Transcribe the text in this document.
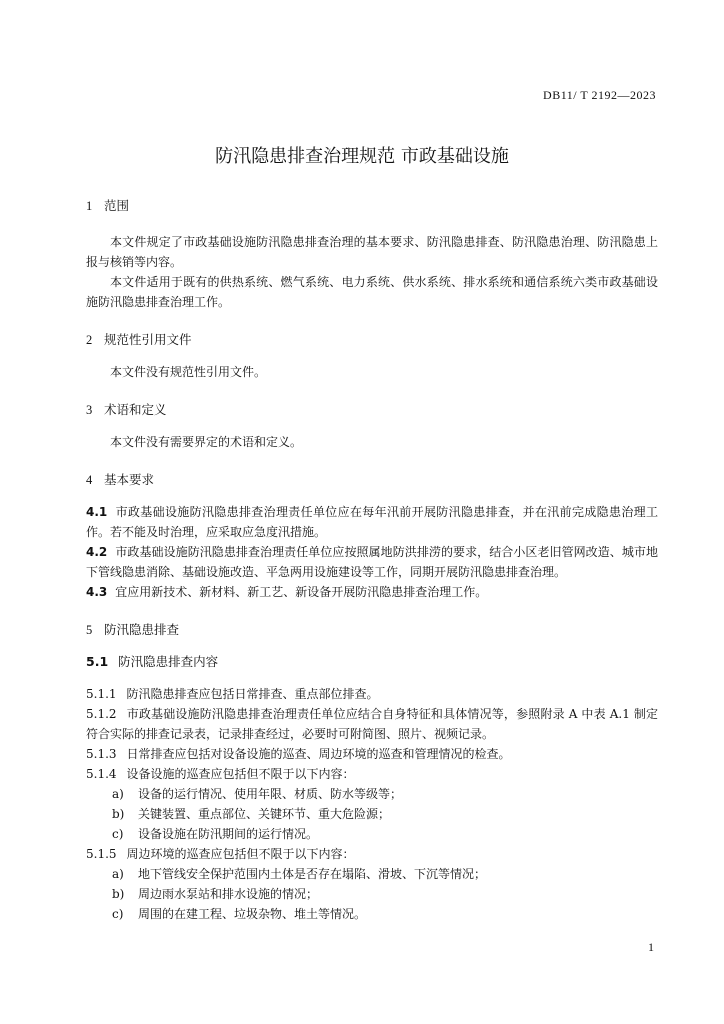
DB11/ T 2192—2023
防汛隐患排查治理规范 市政基础设施
1 范围
本文件规定了市政基础设施防汛隐患排查治理的基本要求、防汛隐患排查、防汛隐患治理、防汛隐患上报与核销等内容。
本文件适用于既有的供热系统、燃气系统、电力系统、供水系统、排水系统和通信系统六类市政基础设施防汛隐患排查治理工作。
2 规范性引用文件
本文件没有规范性引用文件。
3 术语和定义
本文件没有需要界定的术语和定义。
4 基本要求
4.1 市政基础设施防汛隐患排查治理责任单位应在每年汛前开展防汛隐患排查，并在汛前完成隐患治理工作。若不能及时治理，应采取应急度汛措施。
4.2 市政基础设施防汛隐患排查治理责任单位应按照属地防洪排涝的要求，结合小区老旧管网改造、城市地下管线隐患消除、基础设施改造、平急两用设施建设等工作，同期开展防汛隐患排查治理。
4.3 宜应用新技术、新材料、新工艺、新设备开展防汛隐患排查治理工作。
5 防汛隐患排查
5.1 防汛隐患排查内容
5.1.1 防汛隐患排查应包括日常排查、重点部位排查。
5.1.2 市政基础设施防汛隐患排查治理责任单位应结合自身特征和具体情况等，参照附录 A 中表 A.1 制定符合实际的排查记录表，记录排查经过，必要时可附简图、照片、视频记录。
5.1.3 日常排查应包括对设备设施的巡查、周边环境的巡查和管理情况的检查。
5.1.4 设备设施的巡查应包括但不限于以下内容：
a) 设备的运行情况、使用年限、材质、防水等级等；
b) 关键装置、重点部位、关键环节、重大危险源；
c) 设备设施在防汛期间的运行情况。
5.1.5 周边环境的巡查应包括但不限于以下内容：
a) 地下管线安全保护范围内土体是否存在塌陷、滑坡、下沉等情况；
b) 周边雨水泵站和排水设施的情况；
c) 周围的在建工程、垃圾杂物、堆土等情况。
1
